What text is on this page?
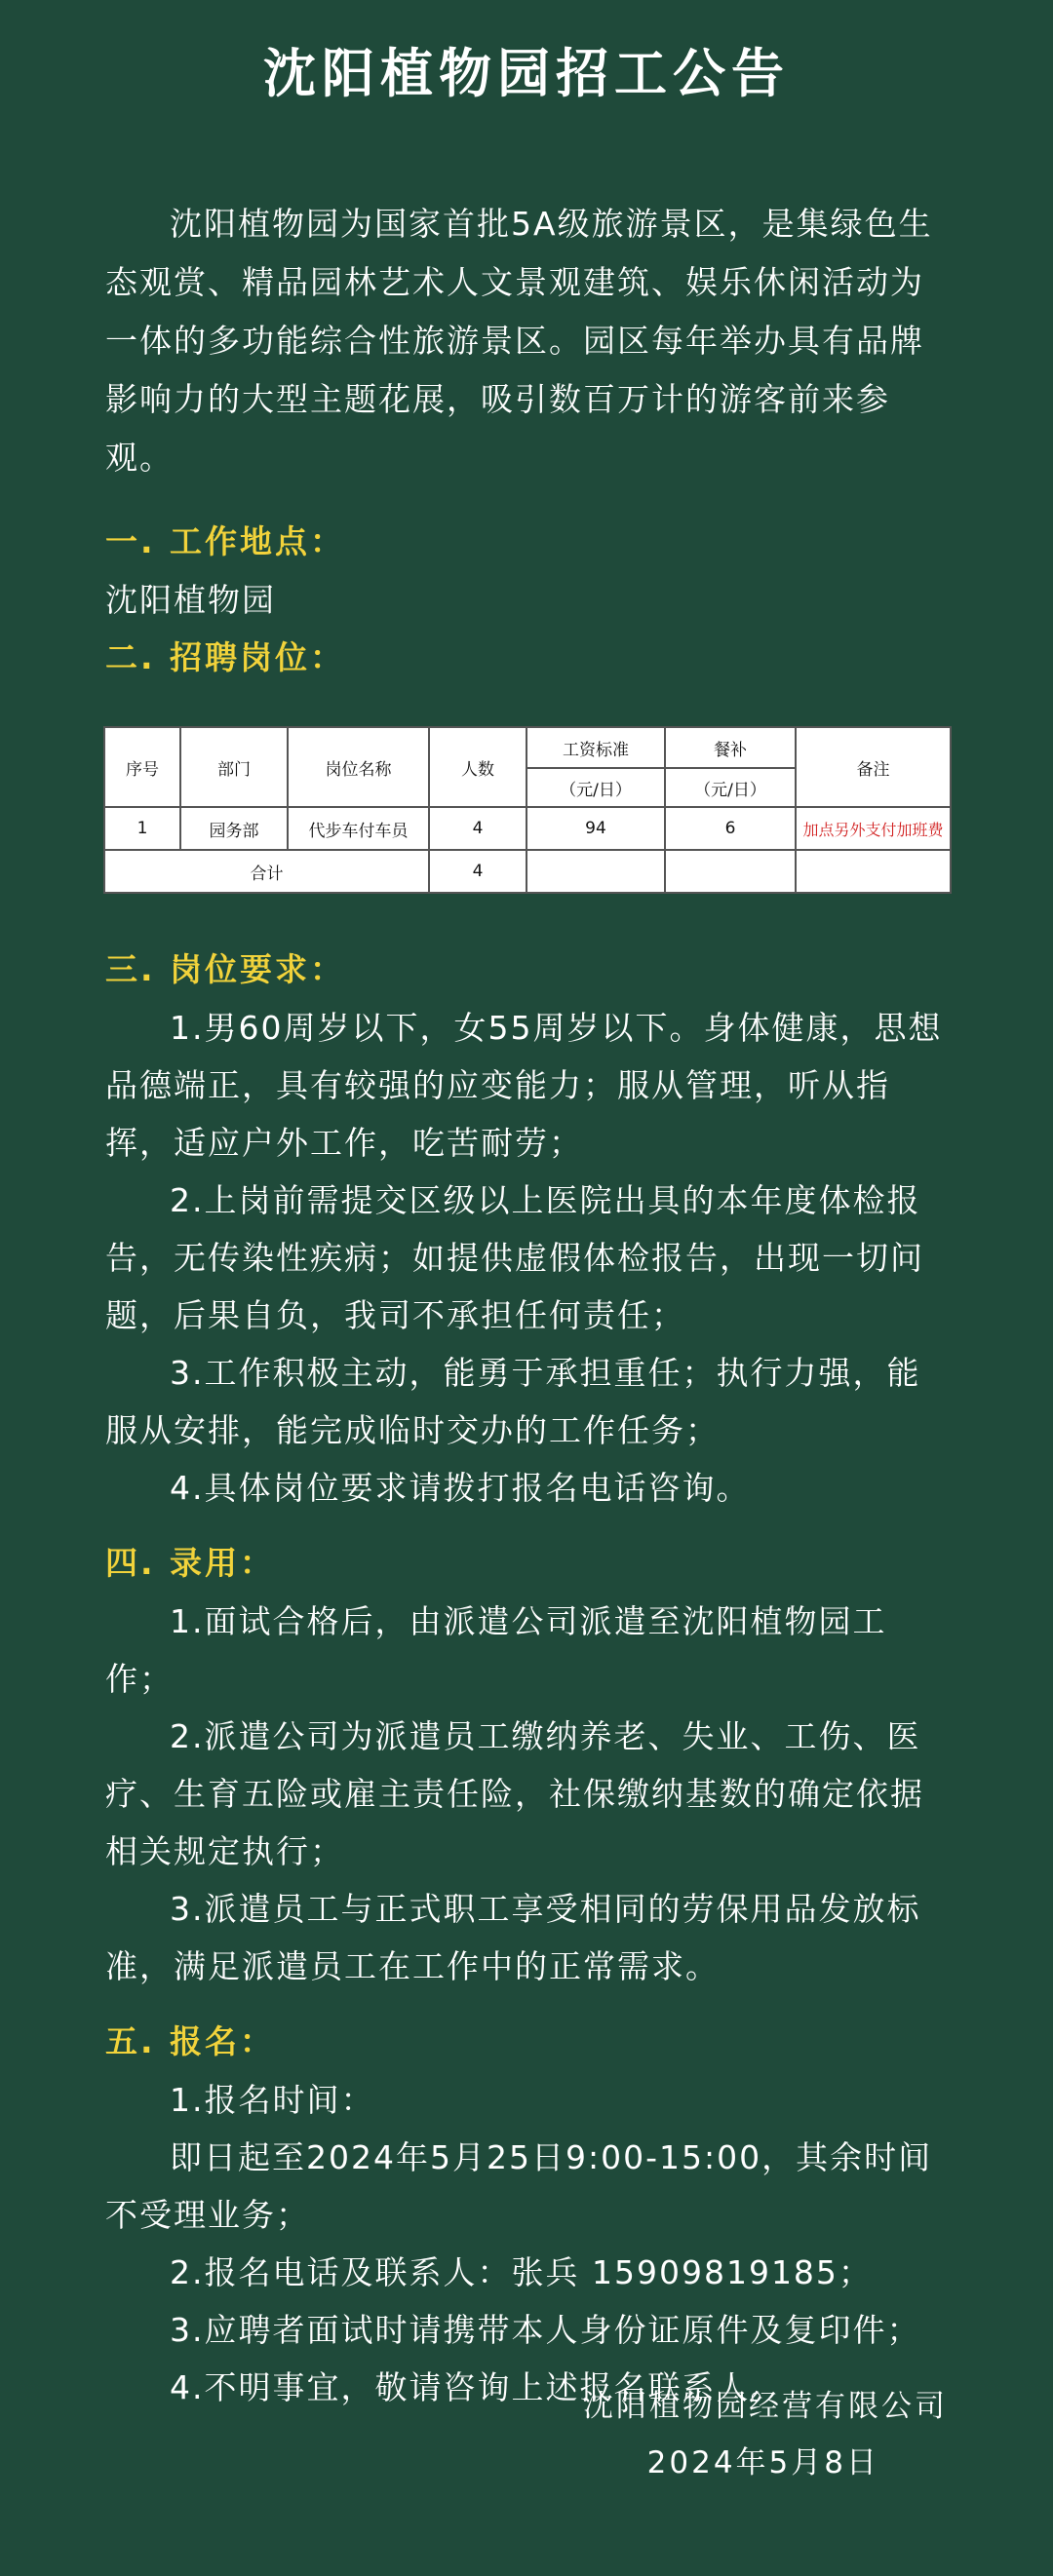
沈阳植物园招工公告
沈阳植物园为国家首批5A级旅游景区，是集绿色生态观赏、精品园林艺术人文景观建筑、娱乐休闲活动为一体的多功能综合性旅游景区。园区每年举办具有品牌影响力的大型主题花展，吸引数百万计的游客前来参观。
一. 工作地点：
沈阳植物园
二. 招聘岗位：
序号	部门	岗位名称	人数	工资标准	餐补	备注
				（元/日）	（元/日）	
1	园务部	代步车付车员	4	94	6	加点另外支付加班费
合计			4			
三. 岗位要求：
1.男60周岁以下，女55周岁以下。身体健康，思想品德端正，具有较强的应变能力；服从管理，听从指挥，适应户外工作，吃苦耐劳；
2.上岗前需提交区级以上医院出具的本年度体检报告，无传染性疾病；如提供虚假体检报告，出现一切问题，后果自负，我司不承担任何责任；
3.工作积极主动，能勇于承担重任；执行力强，能服从安排，能完成临时交办的工作任务；
4.具体岗位要求请拨打报名电话咨询。
四. 录用：
1.面试合格后，由派遣公司派遣至沈阳植物园工作；
2.派遣公司为派遣员工缴纳养老、失业、工伤、医疗、生育五险或雇主责任险，社保缴纳基数的确定依据相关规定执行；
3.派遣员工与正式职工享受相同的劳保用品发放标准，满足派遣员工在工作中的正常需求。
五. 报名：
1.报名时间：
即日起至2024年5月25日9:00-15:00，其余时间不受理业务；
2.报名电话及联系人：张兵 15909819185；
3.应聘者面试时请携带本人身份证原件及复印件；
4.不明事宜，敬请咨询上述报名联系人。
沈阳植物园经营有限公司
2024年5月8日
